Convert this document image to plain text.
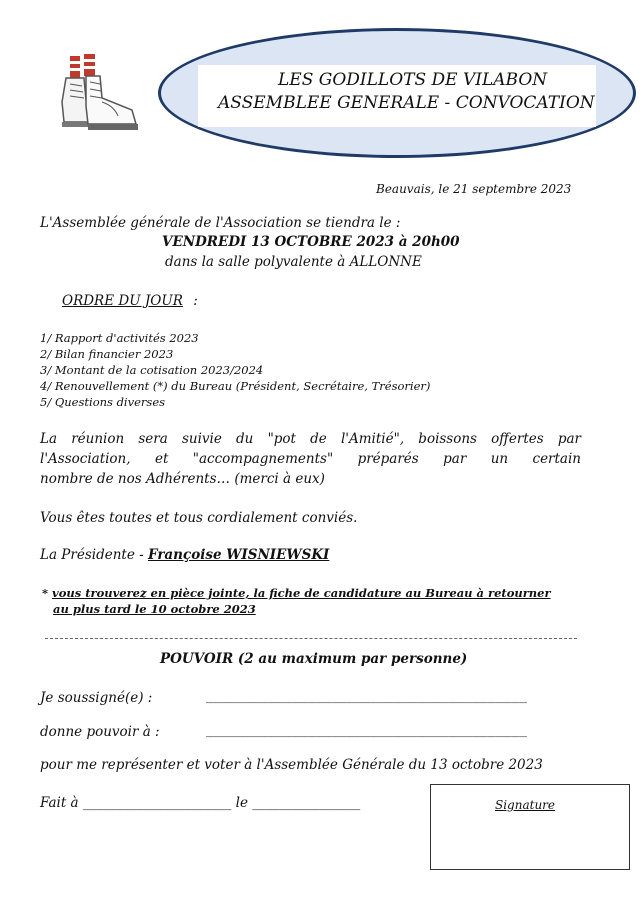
LES GODILLOTS DE VILABON
ASSEMBLEE GENERALE - CONVOCATION
Beauvais, le 21 septembre 2023
L'Assemblée générale de l'Association se tiendra le :
VENDREDI 13 OCTOBRE 2023 à 20h00
dans la salle polyvalente à ALLONNE
ORDRE DU JOUR :
1/ Rapport d'activités 2023
2/ Bilan financier 2023
3/ Montant de la cotisation 2023/2024
4/ Renouvellement (*) du Bureau (Président, Secrétaire, Trésorier)
5/ Questions diverses
La réunion sera suivie du "pot de l'Amitié", boissons offertes par
l'Association, et "accompagnements" préparés par un certain
nombre de nos Adhérents… (merci à eux)
Vous êtes toutes et tous cordialement conviés.
La Présidente - Françoise WISNIEWSKI
* vous trouverez en pièce jointe, la fiche de candidature au Bureau à retourner
au plus tard le 10 octobre 2023
POUVOIR (2 au maximum par personne)
Je soussigné(e) :	_________________________________________
donne pouvoir à :	_________________________________________
pour me représenter et voter à l'Assemblée Générale du 13 octobre 2023
Fait à ______________________ le ________________	Signature
